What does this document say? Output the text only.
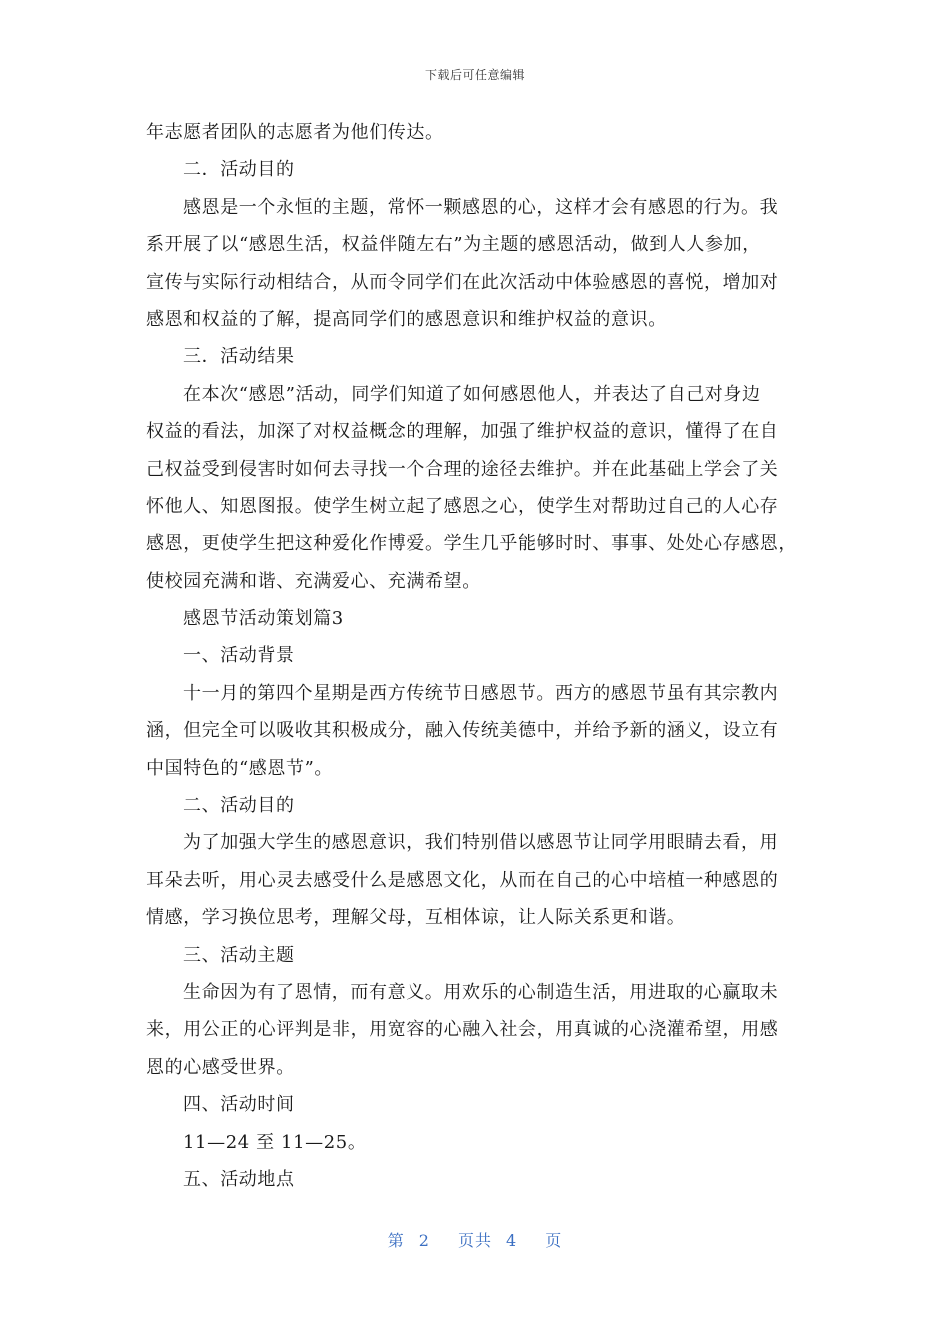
下载后可任意编辑
年志愿者团队的志愿者为他们传达。
二．活动目的
感恩是一个永恒的主题，常怀一颗感恩的心，这样才会有感恩的行为。我
系开展了以“感恩生活，权益伴随左右”为主题的感恩活动，做到人人参加，
宣传与实际行动相结合，从而令同学们在此次活动中体验感恩的喜悦，增加对
感恩和权益的了解，提高同学们的感恩意识和维护权益的意识。
三．活动结果
在本次“感恩”活动，同学们知道了如何感恩他人，并表达了自己对身边
权益的看法，加深了对权益概念的理解，加强了维护权益的意识，懂得了在自
己权益受到侵害时如何去寻找一个合理的途径去维护。并在此基础上学会了关
怀他人、知恩图报。使学生树立起了感恩之心，使学生对帮助过自己的人心存
感恩，更使学生把这种爱化作博爱。学生几乎能够时时、事事、处处心存感恩，
使校园充满和谐、充满爱心、充满希望。
感恩节活动策划篇3
一、活动背景
十一月的第四个星期是西方传统节日感恩节。西方的感恩节虽有其宗教内
涵，但完全可以吸收其积极成分，融入传统美德中，并给予新的涵义，设立有
中国特色的“感恩节”。
二、活动目的
为了加强大学生的感恩意识，我们特别借以感恩节让同学用眼睛去看，用
耳朵去听，用心灵去感受什么是感恩文化，从而在自己的心中培植一种感恩的
情感，学习换位思考，理解父母，互相体谅，让人际关系更和谐。
三、活动主题
生命因为有了恩情，而有意义。用欢乐的心制造生活，用进取的心赢取未
来，用公正的心评判是非，用宽容的心融入社会，用真诚的心浇灌希望，用感
恩的心感受世界。
四、活动时间
11—24 至 11—25。
五、活动地点
第 2 页共 4 页
